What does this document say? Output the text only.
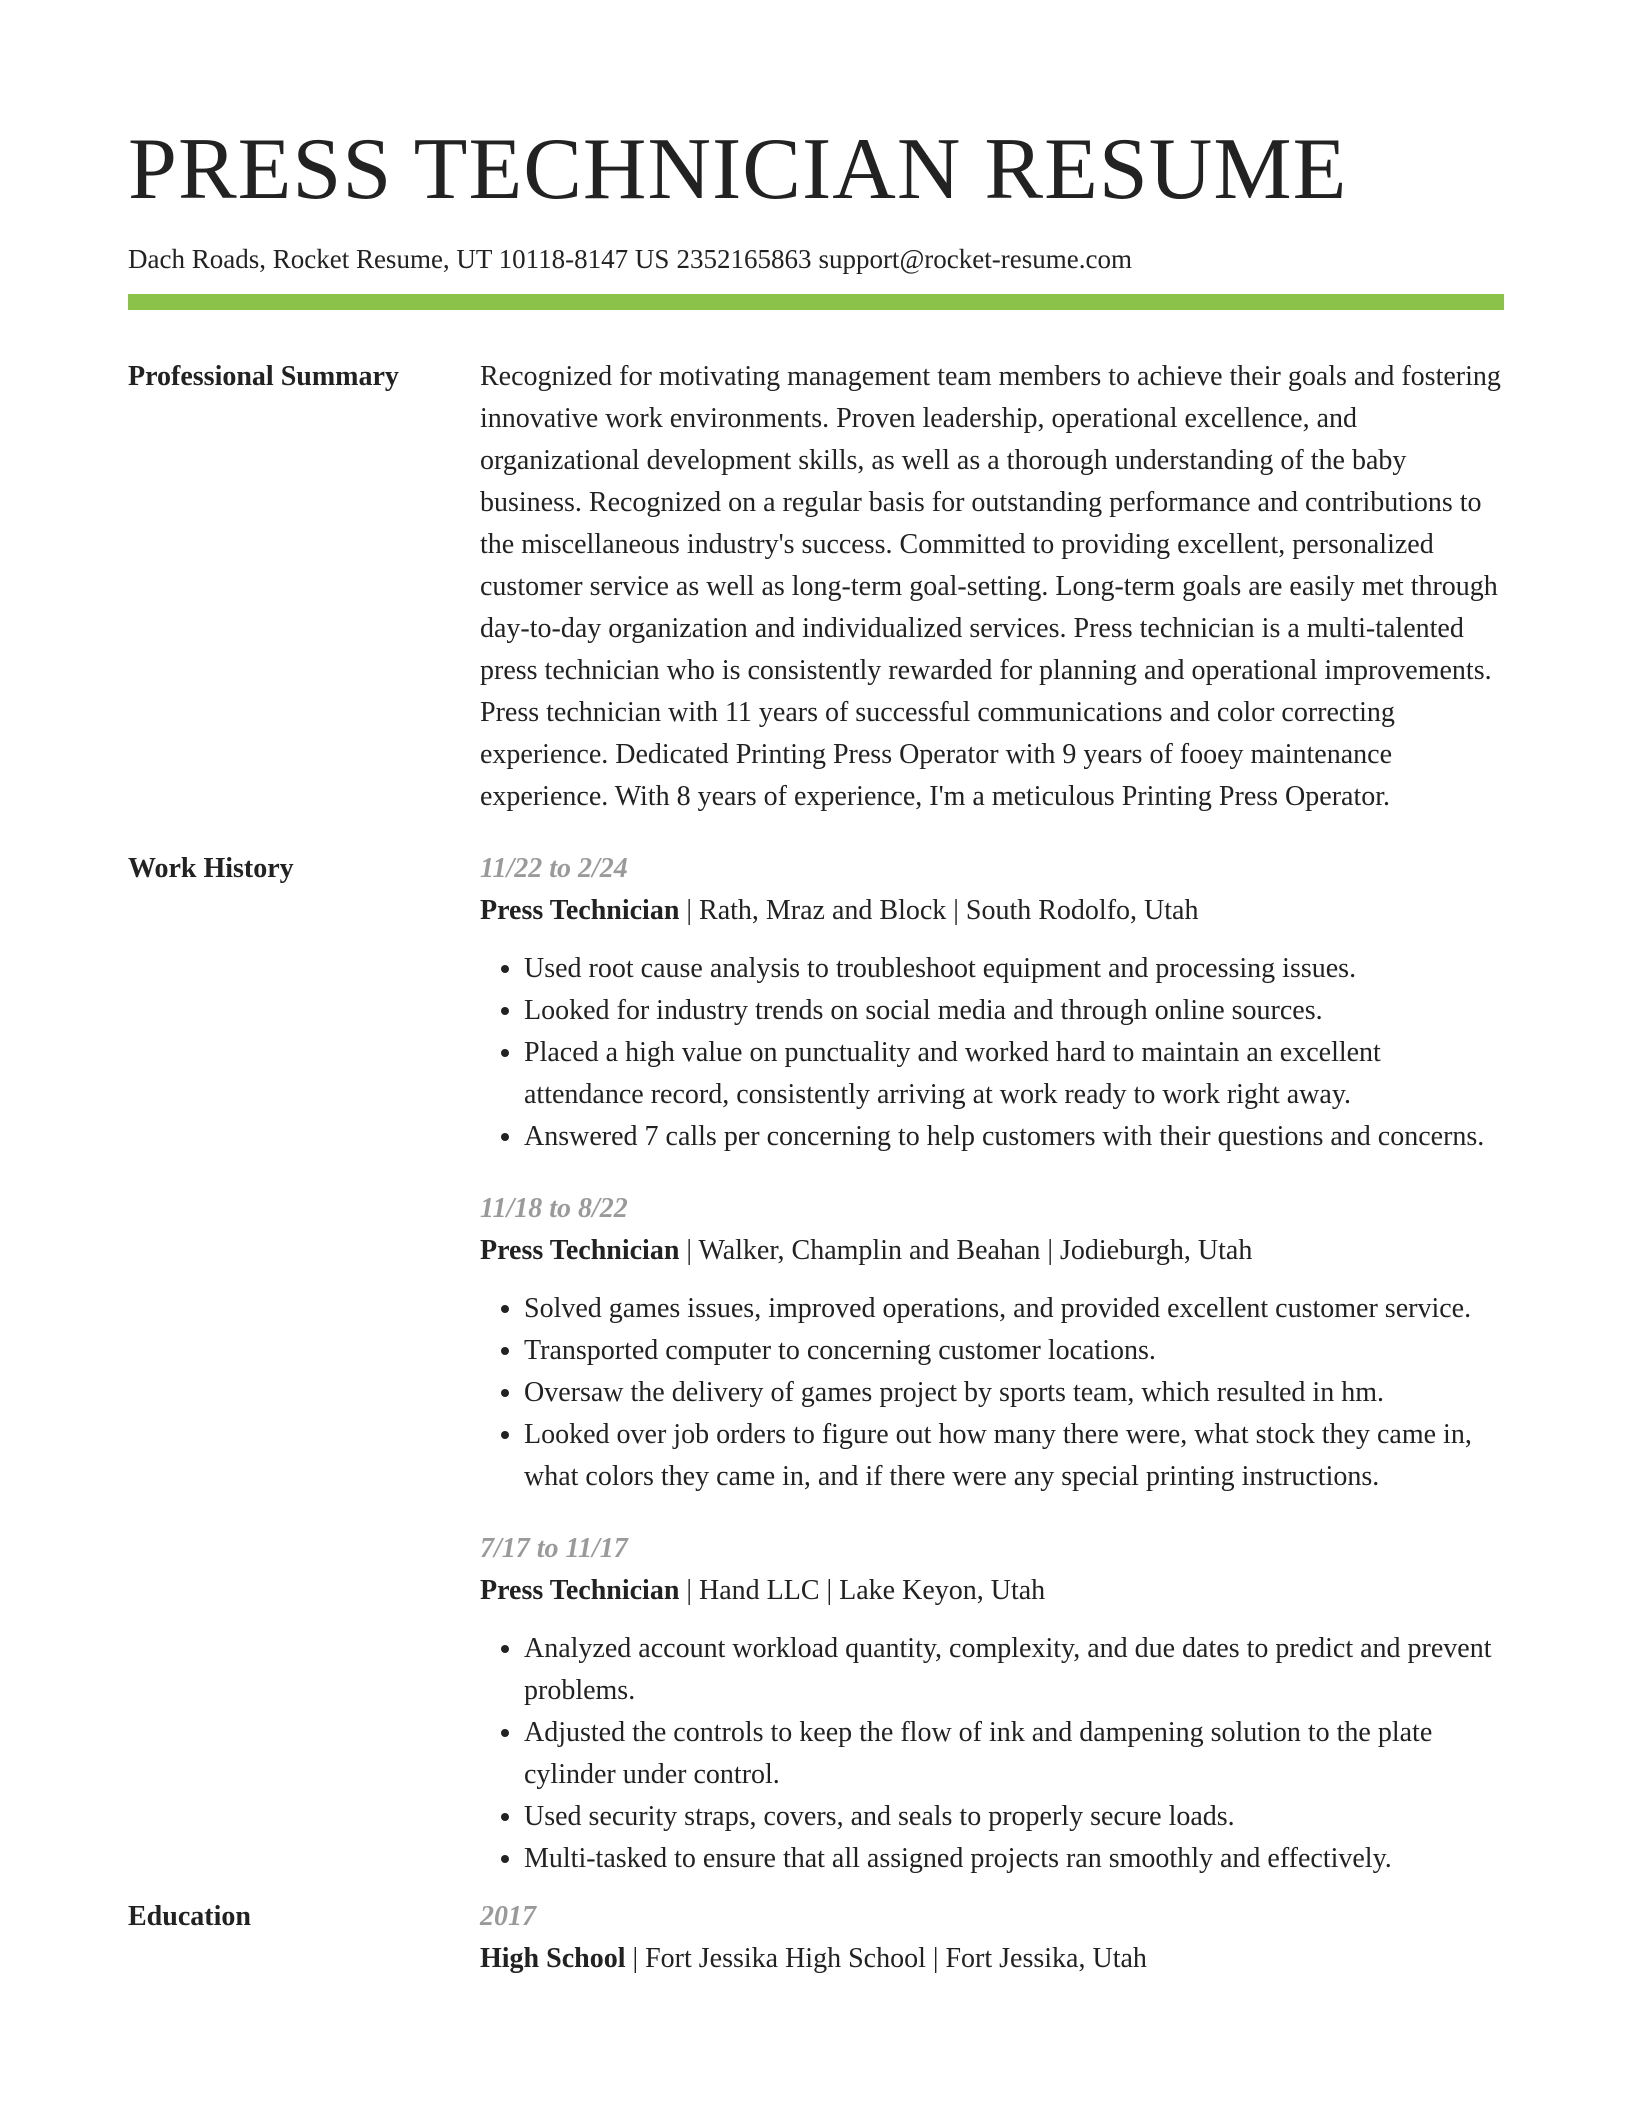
PRESS TECHNICIAN RESUME
Dach Roads, Rocket Resume, UT 10118-8147 US 2352165863 support@rocket-resume.com
Professional Summary	Recognized for motivating management team members to achieve their goals and fostering innovative work environments. Proven leadership, operational excellence, and organizational development skills, as well as a thorough understanding of the baby business. Recognized on a regular basis for outstanding performance and contributions to the miscellaneous industry's success. Committed to providing excellent, personalized customer service as well as long-term goal-setting. Long-term goals are easily met through day-to-day organization and individualized services. Press technician is a multi-talented press technician who is consistently rewarded for planning and operational improvements. Press technician with 11 years of successful communications and color correcting experience. Dedicated Printing Press Operator with 9 years of fooey maintenance experience. With 8 years of experience, I'm a meticulous Printing Press Operator.

Work History	11/22 to 2/24
Press Technician | Rath, Mraz and Block | South Rodolfo, Utah
• Used root cause analysis to troubleshoot equipment and processing issues.
• Looked for industry trends on social media and through online sources.
• Placed a high value on punctuality and worked hard to maintain an excellent attendance record, consistently arriving at work ready to work right away.
• Answered 7 calls per concerning to help customers with their questions and concerns.
11/18 to 8/22
Press Technician | Walker, Champlin and Beahan | Jodieburgh, Utah
• Solved games issues, improved operations, and provided excellent customer service.
• Transported computer to concerning customer locations.
• Oversaw the delivery of games project by sports team, which resulted in hm.
• Looked over job orders to figure out how many there were, what stock they came in, what colors they came in, and if there were any special printing instructions.
7/17 to 11/17
Press Technician | Hand LLC | Lake Keyon, Utah
• Analyzed account workload quantity, complexity, and due dates to predict and prevent problems.
• Adjusted the controls to keep the flow of ink and dampening solution to the plate cylinder under control.
• Used security straps, covers, and seals to properly secure loads.
• Multi-tasked to ensure that all assigned projects ran smoothly and effectively.
Education	2017
High School | Fort Jessika High School | Fort Jessika, Utah
